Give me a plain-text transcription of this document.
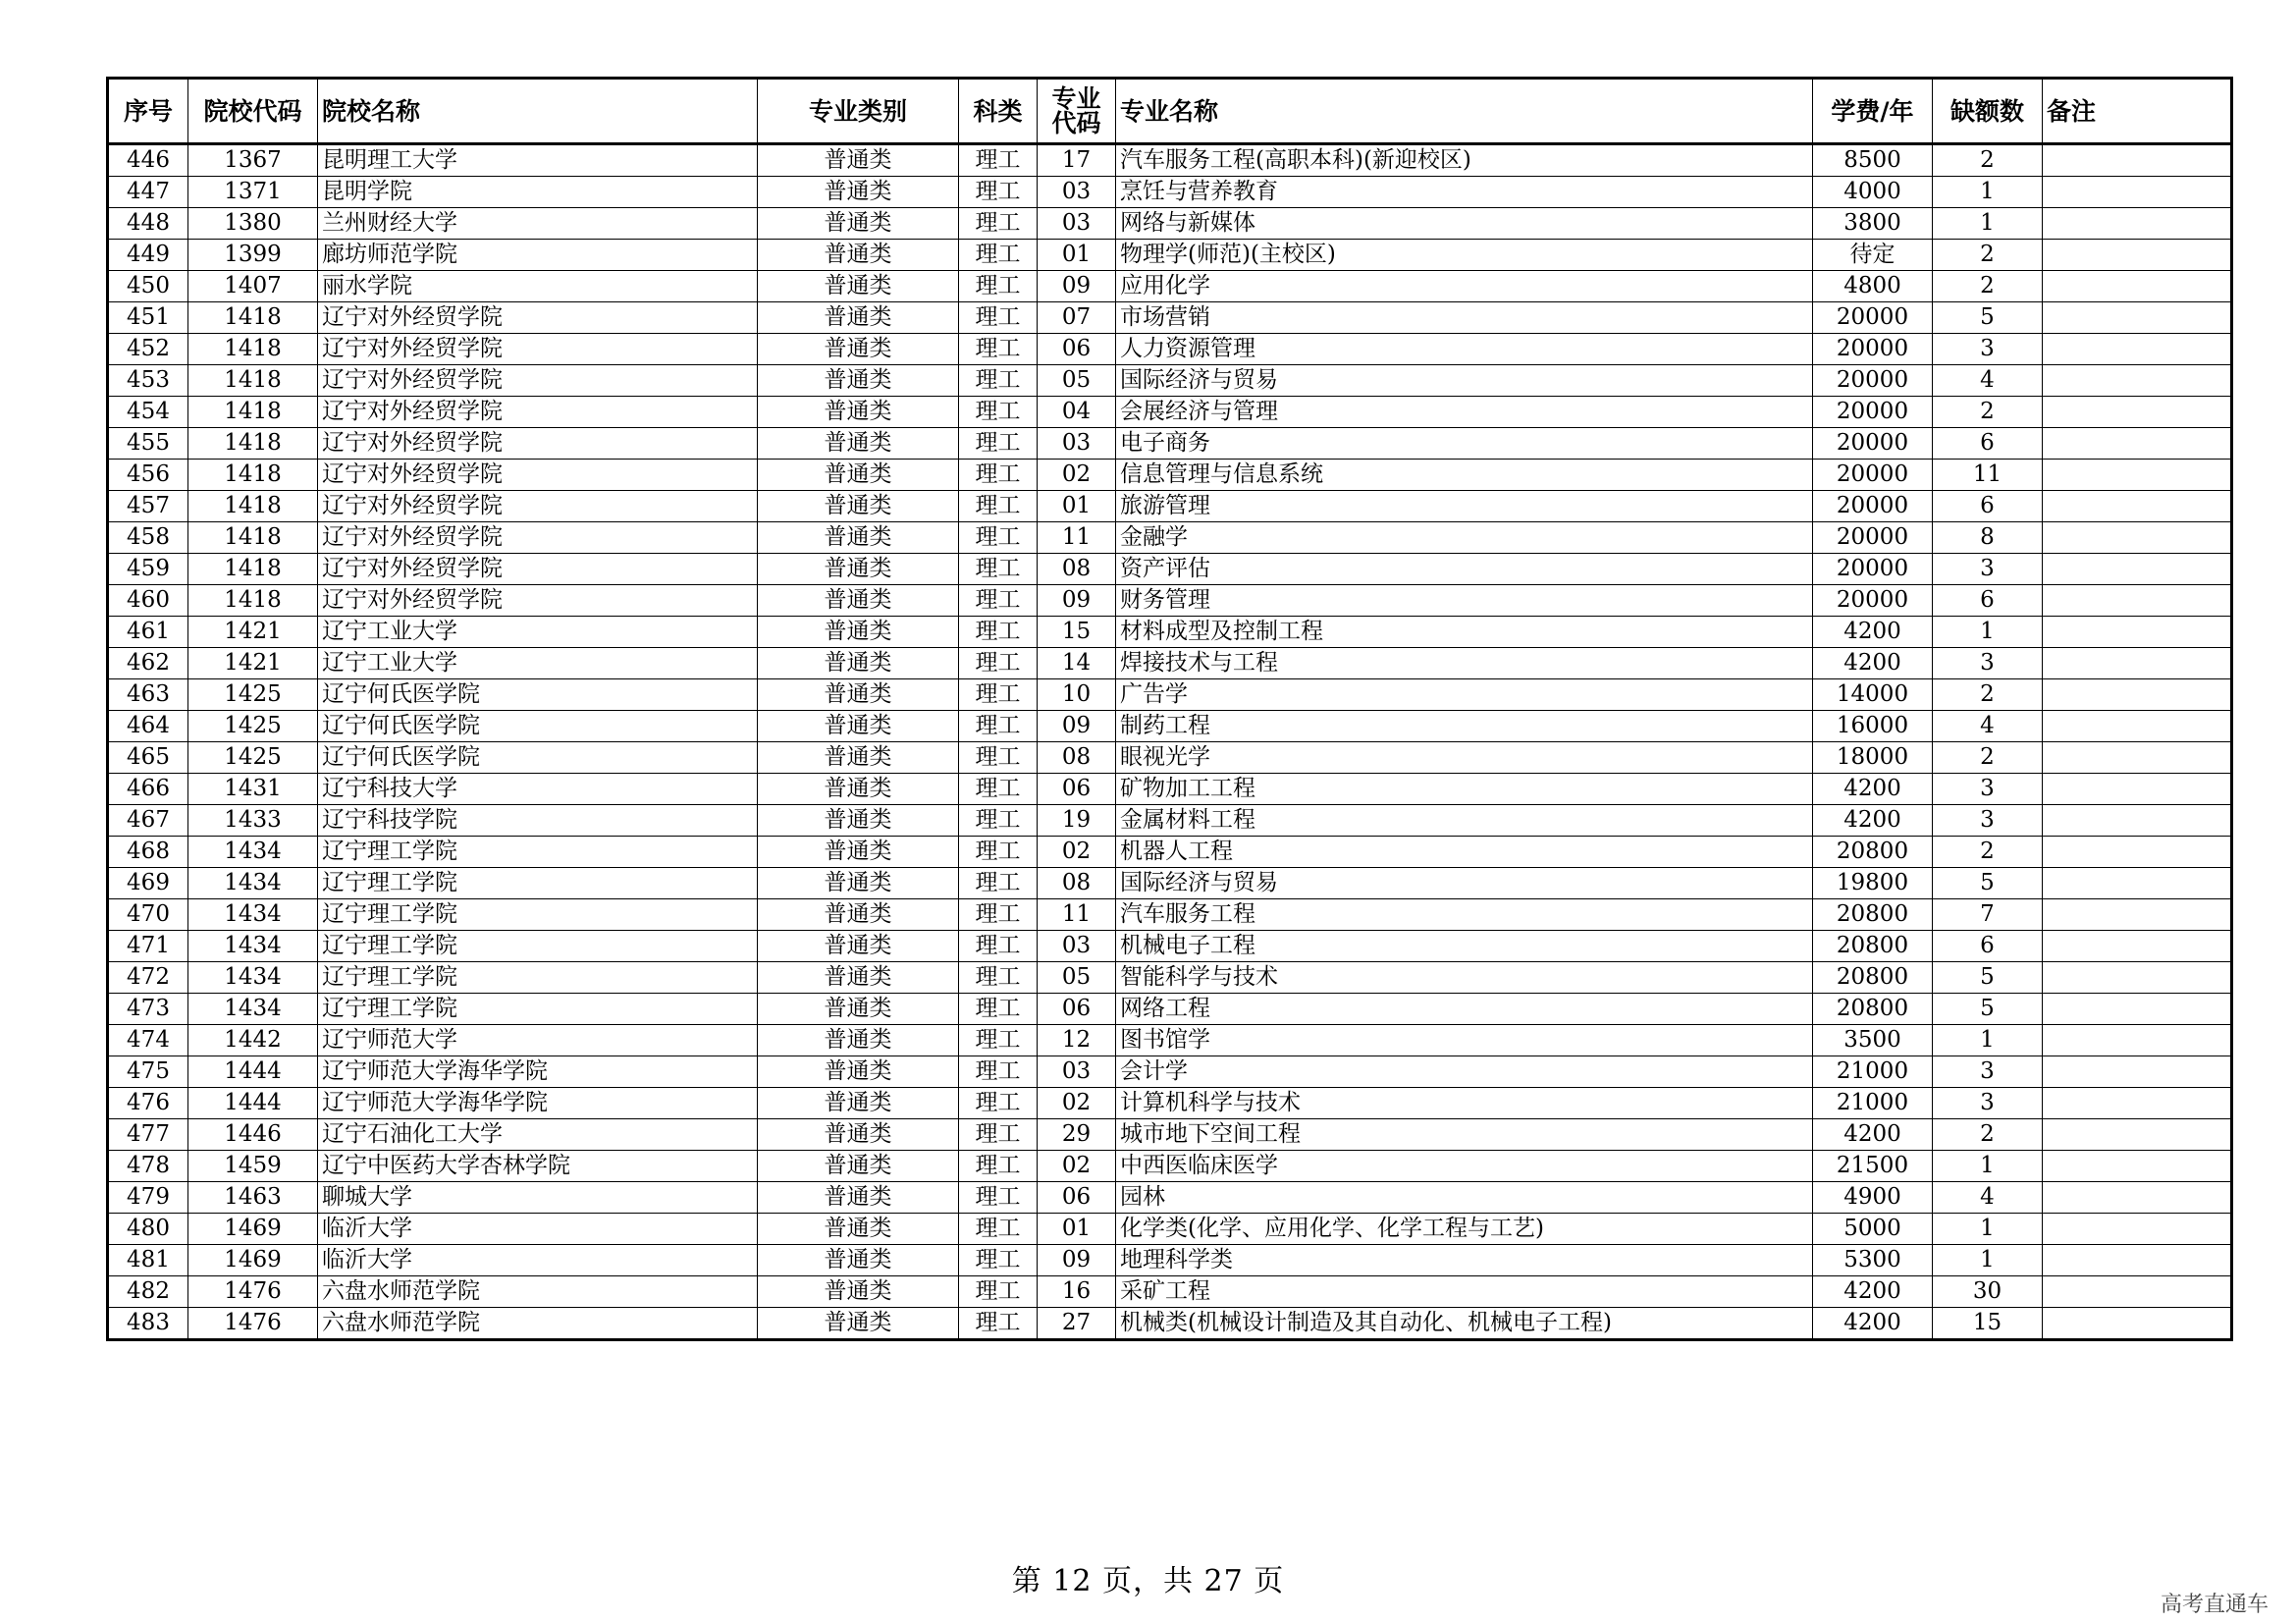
序号	院校代码	院校名称	专业类别	科类	专业
代码	专业名称	学费/年	缺额数	备注
446	1367	昆明理工大学	普通类	理工	17	汽车服务工程(高职本科)(新迎校区)	8500	2	
447	1371	昆明学院	普通类	理工	03	烹饪与营养教育	4000	1	
448	1380	兰州财经大学	普通类	理工	03	网络与新媒体	3800	1	
449	1399	廊坊师范学院	普通类	理工	01	物理学(师范)(主校区)	待定	2	
450	1407	丽水学院	普通类	理工	09	应用化学	4800	2	
451	1418	辽宁对外经贸学院	普通类	理工	07	市场营销	20000	5	
452	1418	辽宁对外经贸学院	普通类	理工	06	人力资源管理	20000	3	
453	1418	辽宁对外经贸学院	普通类	理工	05	国际经济与贸易	20000	4	
454	1418	辽宁对外经贸学院	普通类	理工	04	会展经济与管理	20000	2	
455	1418	辽宁对外经贸学院	普通类	理工	03	电子商务	20000	6	
456	1418	辽宁对外经贸学院	普通类	理工	02	信息管理与信息系统	20000	11	
457	1418	辽宁对外经贸学院	普通类	理工	01	旅游管理	20000	6	
458	1418	辽宁对外经贸学院	普通类	理工	11	金融学	20000	8	
459	1418	辽宁对外经贸学院	普通类	理工	08	资产评估	20000	3	
460	1418	辽宁对外经贸学院	普通类	理工	09	财务管理	20000	6	
461	1421	辽宁工业大学	普通类	理工	15	材料成型及控制工程	4200	1	
462	1421	辽宁工业大学	普通类	理工	14	焊接技术与工程	4200	3	
463	1425	辽宁何氏医学院	普通类	理工	10	广告学	14000	2	
464	1425	辽宁何氏医学院	普通类	理工	09	制药工程	16000	4	
465	1425	辽宁何氏医学院	普通类	理工	08	眼视光学	18000	2	
466	1431	辽宁科技大学	普通类	理工	06	矿物加工工程	4200	3	
467	1433	辽宁科技学院	普通类	理工	19	金属材料工程	4200	3	
468	1434	辽宁理工学院	普通类	理工	02	机器人工程	20800	2	
469	1434	辽宁理工学院	普通类	理工	08	国际经济与贸易	19800	5	
470	1434	辽宁理工学院	普通类	理工	11	汽车服务工程	20800	7	
471	1434	辽宁理工学院	普通类	理工	03	机械电子工程	20800	6	
472	1434	辽宁理工学院	普通类	理工	05	智能科学与技术	20800	5	
473	1434	辽宁理工学院	普通类	理工	06	网络工程	20800	5	
474	1442	辽宁师范大学	普通类	理工	12	图书馆学	3500	1	
475	1444	辽宁师范大学海华学院	普通类	理工	03	会计学	21000	3	
476	1444	辽宁师范大学海华学院	普通类	理工	02	计算机科学与技术	21000	3	
477	1446	辽宁石油化工大学	普通类	理工	29	城市地下空间工程	4200	2	
478	1459	辽宁中医药大学杏林学院	普通类	理工	02	中西医临床医学	21500	1	
479	1463	聊城大学	普通类	理工	06	园林	4900	4	
480	1469	临沂大学	普通类	理工	01	化学类(化学、应用化学、化学工程与工艺)	5000	1	
481	1469	临沂大学	普通类	理工	09	地理科学类	5300	1	
482	1476	六盘水师范学院	普通类	理工	16	采矿工程	4200	30	
483	1476	六盘水师范学院	普通类	理工	27	机械类(机械设计制造及其自动化、机械电子工程)	4200	15	
第 12 页，共 27 页
高考直通车
